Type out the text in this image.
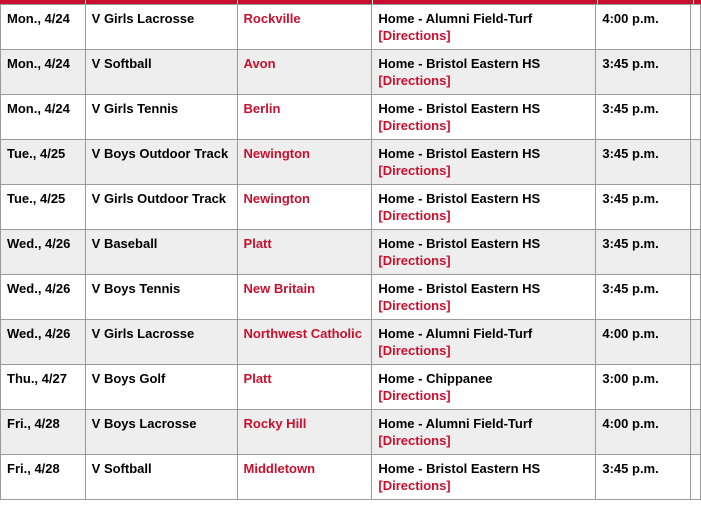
Mon., 4/24	V Girls Lacrosse	Rockville	Home - Alumni Field-Turf
[Directions]	4:00 p.m.	
Mon., 4/24	V Softball	Avon	Home - Bristol Eastern HS
[Directions]	3:45 p.m.	
Mon., 4/24	V Girls Tennis	Berlin	Home - Bristol Eastern HS
[Directions]	3:45 p.m.	
Tue., 4/25	V Boys Outdoor Track	Newington	Home - Bristol Eastern HS
[Directions]	3:45 p.m.	
Tue., 4/25	V Girls Outdoor Track	Newington	Home - Bristol Eastern HS
[Directions]	3:45 p.m.	
Wed., 4/26	V Baseball	Platt	Home - Bristol Eastern HS
[Directions]	3:45 p.m.	
Wed., 4/26	V Boys Tennis	New Britain	Home - Bristol Eastern HS
[Directions]	3:45 p.m.	
Wed., 4/26	V Girls Lacrosse	Northwest Catholic	Home - Alumni Field-Turf
[Directions]	4:00 p.m.	
Thu., 4/27	V Boys Golf	Platt	Home - Chippanee
[Directions]	3:00 p.m.	
Fri., 4/28	V Boys Lacrosse	Rocky Hill	Home - Alumni Field-Turf
[Directions]	4:00 p.m.	
Fri., 4/28	V Softball	Middletown	Home - Bristol Eastern HS
[Directions]	3:45 p.m.	
